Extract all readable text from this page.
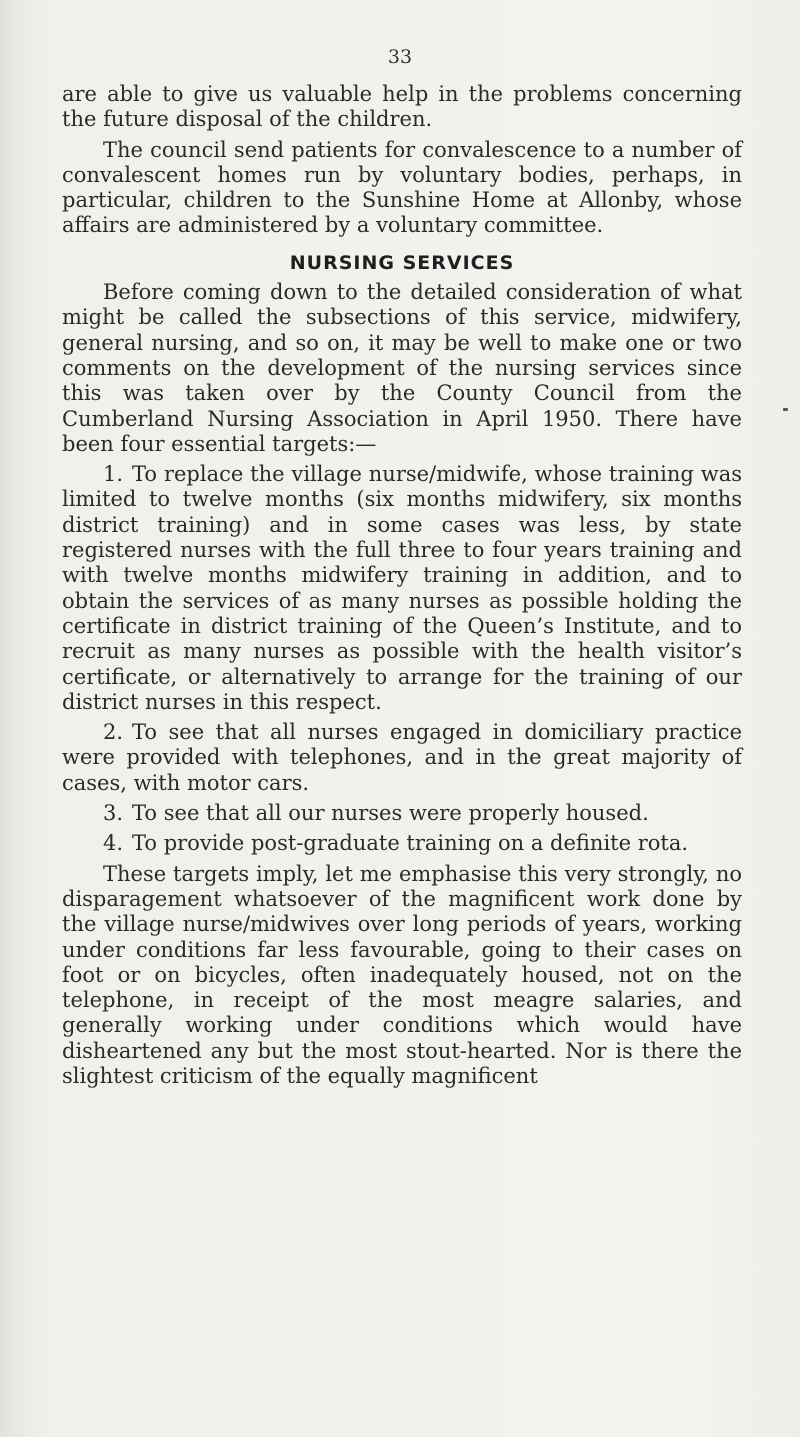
33

are able to give us valuable help in the problems concerning the future disposal of the children.

The council send patients for convalescence to a number of convalescent homes run by voluntary bodies, perhaps, in particular, children to the Sunshine Home at Allonby, whose affairs are administered by a voluntary committee.

NURSING SERVICES

Before coming down to the detailed consideration of what might be called the subsections of this service, midwifery, general nursing, and so on, it may be well to make one or two comments on the development of the nursing services since this was taken over by the County Council from the Cumberland Nursing Association in April 1950. There have been four essential targets:—

1. To replace the village nurse/midwife, whose training was limited to twelve months (six months midwifery, six months district training) and in some cases was less, by state registered nurses with the full three to four years training and with twelve months midwifery training in addition, and to obtain the services of as many nurses as possible holding the certificate in district training of the Queen’s Institute, and to recruit as many nurses as possible with the health visitor’s certificate, or alternatively to arrange for the training of our district nurses in this respect.

2. To see that all nurses engaged in domiciliary practice were provided with telephones, and in the great majority of cases, with motor cars.

3. To see that all our nurses were properly housed.

4. To provide post-graduate training on a definite rota.

These targets imply, let me emphasise this very strongly, no disparagement whatsoever of the magnificent work done by the village nurse/midwives over long periods of years, working under conditions far less favourable, going to their cases on foot or on bicycles, often inadequately housed, not on the telephone, in receipt of the most meagre salaries, and generally working under conditions which would have disheartened any but the most stout-hearted. Nor is there the slightest criticism of the equally magnificent
